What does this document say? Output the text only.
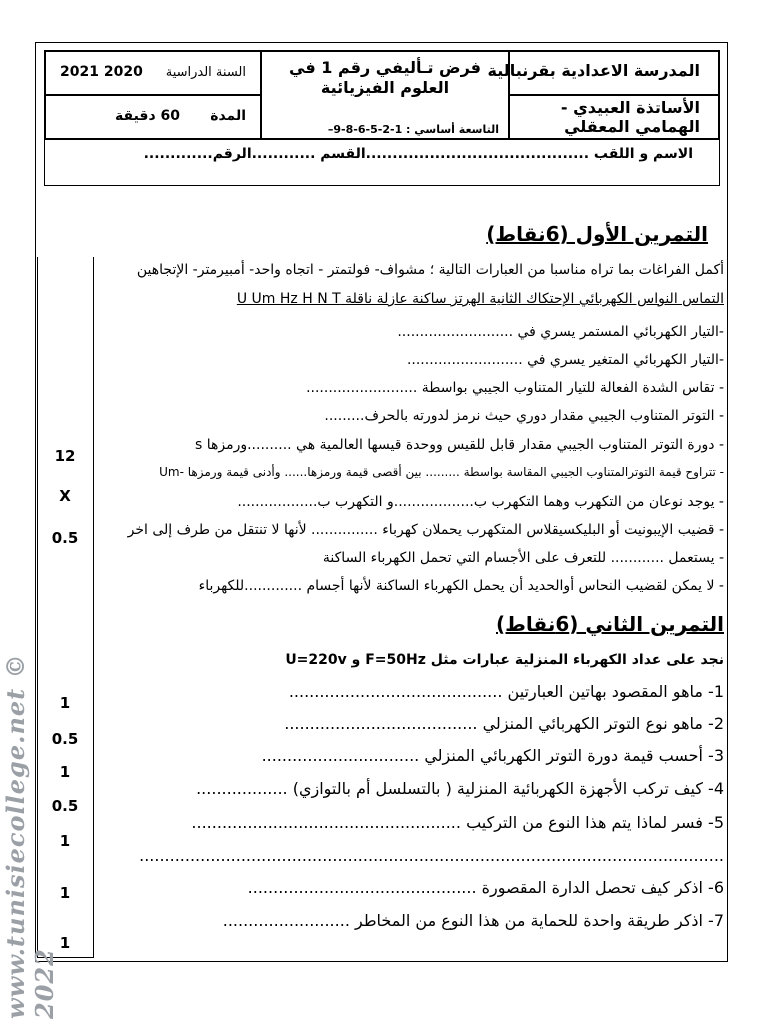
السنة الدراسية
2021 2020	فرض تـأليفي رقم 1 في العلوم الفيزيائية
المدرسة الاعدادية بقرنبالية
المدة
60 دقيقة	الأساتذة العبيدي - الهمامي المعقلي
التاسعة أساسي : 1-2-5-6-8-9–
الاسم و اللقب ..........................................القسم ............الرقم.............
12
X
0.5
1
0.5
1
0.5
1
1
1
التمرين الأول (6نقاط)
أكمل الفراغات بما تراه مناسبا من العبارات التالية ؛ مشواف- فولتمتر - اتجاه واحد- أمبيرمتر- الإتجاهين
التماس النواس الكهربائي الإحتكاك الثانية الهرتز ساكنة عازلة ناقلة U Um Hz H N T
-التيار الكهربائي المستمر يسري في ..........................
-التيار الكهربائي المتغير يسري في ..........................
- تقاس الشدة الفعالة للتيار المتناوب الجيبي بواسطة .........................
- التوتر المتناوب الجيبي مقدار دوري حيث نرمز لدورته بالحرف.........
- دورة التوتر المتناوب الجيبي مقدار قابل للقيس ووحدة قيسها العالمية هي ..........ورمزها s
- تتراوح قيمة التوترالمتناوب الجيبي المقاسة بواسطة ......... بين أقصى قيمة ورمزها...... وأدنى قيمة ورمزها -Um
- يوجد نوعان من التكهرب وهما التكهرب ب..................و التكهرب ب..................
- قضيب الإيبونيت أو البليكسيقلاس المتكهرب يحملان كهرباء ............... لأنها لا تنتقل من طرف إلى اخر
- يستعمل ............ للتعرف على الأجسام التي تحمل الكهرباء الساكنة
- لا يمكن لقضيب النحاس أوالحديد أن يحمل الكهرباء الساكنة لأنها أجسام .............للكهرباء
التمرين الثاني (6نقاط)
نجد على عداد الكهرباء المنزلية عبارات مثل F=50Hz و U=220v
1- ماهو المقصود بهاتين العبارتين ..........................................
2- ماهو نوع التوتر الكهربائي المنزلي ......................................
3- أحسب قيمة دورة التوتر الكهربائي المنزلي ...............................
4- كيف تركب الأجهزة الكهربائية المنزلية ( بالتسلسل أم بالتوازي) ..................
5- فسر لماذا يتم هذا النوع من التركيب .....................................................
...................................................................................................................
6- اذكر كيف تحصل الدارة المقصورة .............................................
7- اذكر طريقة واحدة للحماية من هذا النوع من المخاطر .........................
www.tunisiecollege.net © 2022
